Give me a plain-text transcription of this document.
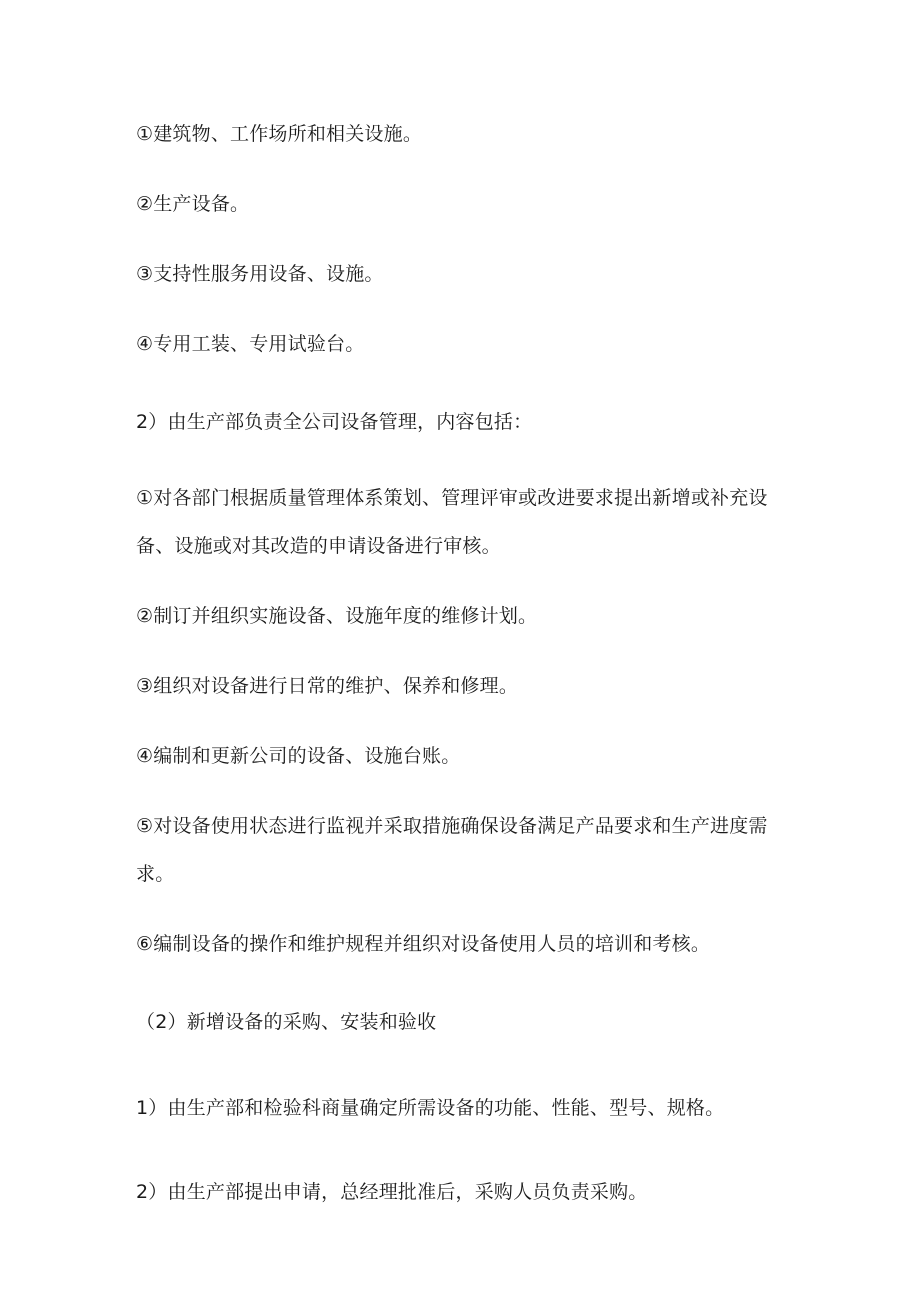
①建筑物、工作场所和相关设施。

②生产设备。

③支持性服务用设备、设施。

④专用工装、专用试验台。

2）由生产部负责全公司设备管理，内容包括：

①对各部门根据质量管理体系策划、管理评审或改进要求提出新增或补充设备、设施或对其改造的申请设备进行审核。

②制订并组织实施设备、设施年度的维修计划。

③组织对设备进行日常的维护、保养和修理。

④编制和更新公司的设备、设施台账。

⑤对设备使用状态进行监视并采取措施确保设备满足产品要求和生产进度需求。

⑥编制设备的操作和维护规程并组织对设备使用人员的培训和考核。

（2）新增设备的采购、安装和验收

1）由生产部和检验科商量确定所需设备的功能、性能、型号、规格。

2）由生产部提出申请，总经理批准后，采购人员负责采购。
